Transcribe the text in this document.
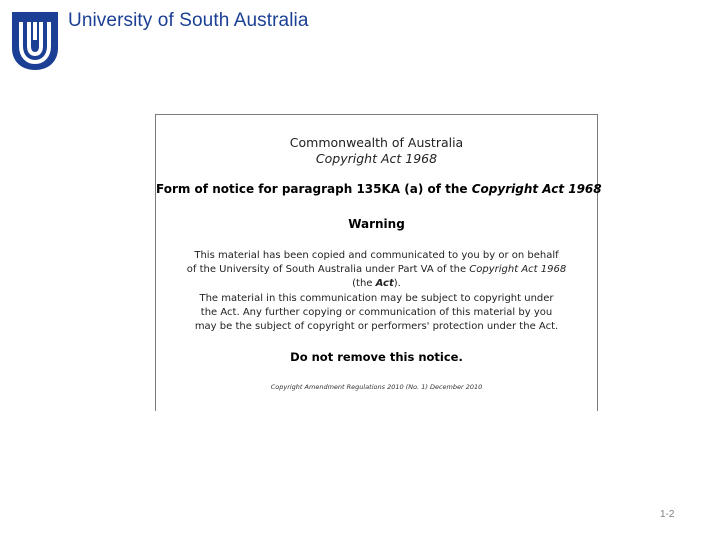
University of South Australia
Commonwealth of Australia
Copyright Act 1968
Form of notice for paragraph 135KA (a) of the Copyright Act 1968
Warning
This material has been copied and communicated to you by or on behalf
of the University of South Australia under Part VA of the Copyright Act 1968
(the Act).
The material in this communication may be subject to copyright under
the Act. Any further copying or communication of this material by you
may be the subject of copyright or performers' protection under the Act.
Do not remove this notice.
Copyright Amendment Regulations 2010 (No. 1) December 2010
1-2
